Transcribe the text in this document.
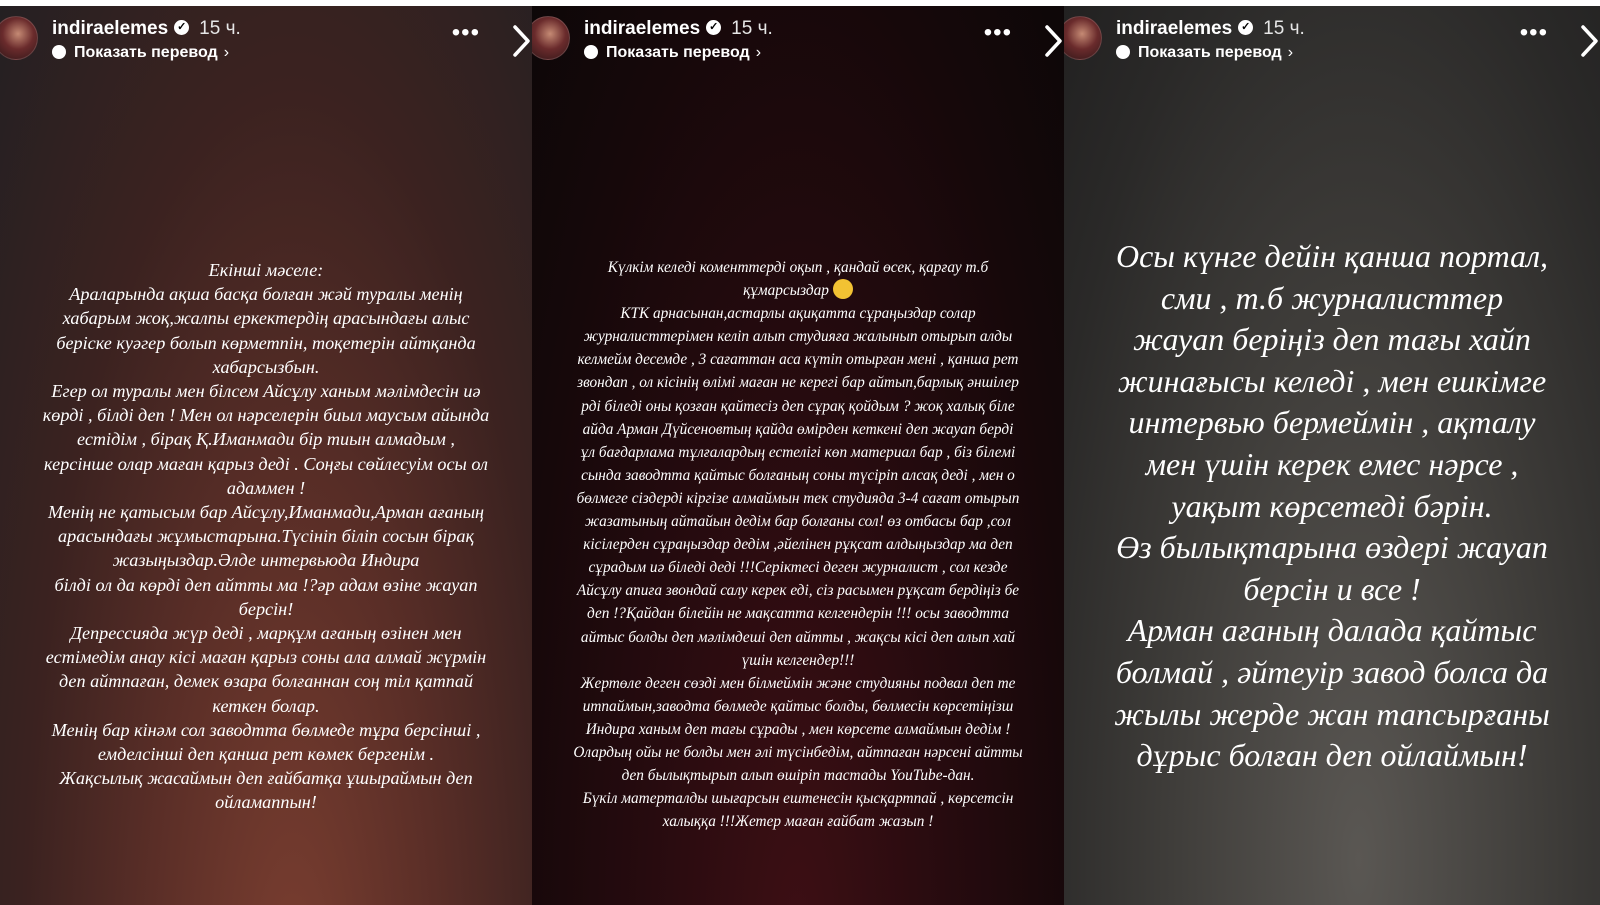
indiraelemes ✓ 15 ч.
Показать перевод ›
•••

Екінші мәселе:

Араларында ақша басқа болған жәй туралы менің

хабарым жоқ,жалпы еркектердің арасындағы алыс

беріске куәгер болып көрметпін, тоқетерін айтқанда

хабарсызбын.

Егер ол туралы мен білсем Айсұлу ханым мәлімдесін иә

көрді , білді деп ! Мен ол нәрселерін биыл маусым айында

естідім , бірақ Қ.Иманмади бір тиын алмадым ,

керсінше олар маған қарыз деді . Соңғы сөйлесуім осы ол

адаммен !

Менің не қатысым бар Айсұлу,Иманмади,Арман ағаның

арасындағы жұмыстарына.Түсініп біліп сосын бірақ

жазыңыздар.Әлде интервьюда Индира

білді ол да көрді деп айтты ма !?әр адам өзіне жауап

берсін!

Депрессияда жүр деді , марқұм ағаның өзінен мен

естімедім анау кісі маған қарыз соны ала алмай жүрмін

деп айтпаған, демек өзара болғаннан соң тіл қатпай

кеткен болар.

Менің бар кінәм сол заводтта бөлмеде тұра берсінші ,

емделсінші деп қанша рет көмек бергенім .

Жақсылық жасаймын деп ғайбатқа ұшыраймын деп

ойламаппын!

indiraelemes ✓ 15 ч.
Показать перевод ›
•••

Күлкім келеді коменттерді оқып , қандай өсек, қарғау т.б

құмарсыздар

КТК арнасынан,астарлы ақиқатта сұраңыздар солар

журналисттерімен келіп алып студияға жалынып отырып алды

келмейм десемде , 3 сағаттан аса күтіп отырған мені , қанша рет

звондап , ол кісінің өлімі маған не керегі бар айтып,барлық әншілер

рді біледі оны қозған қайтесіз деп сұрақ қойдым ? жоқ халық біле

айда Арман Дүйсеновтың қайда өмірден кеткені деп жауап берді

ұл бағдарлама тұлғалардың естелігі көп материал бар , біз білемі

сында заводтта қайтыс болғаның соны түсіріп алсақ деді , мен о

бөлмеге сіздерді кіргізе алмаймын тек студияда 3-4 сағат отырып

жазатының айтайын дедім бар болғаны сол! өз отбасы бар ,сол

кісілерден сұраңыздар дедім ,әйелінен рұқсат алдыңыздар ма деп

сұрадым иә біледі деді !!!Серіктесі деген журналист , сол кезде

Айсұлу апиға звондай салу керек еді, сіз расымен рұқсат бердіңіз бе

деп !?Қайдан білейін не мақсатта келгендерін !!! осы заводтта

айтыс болды деп мәлімдеші деп айтты , жақсы кісі деп алып хай

үшін келгендер!!!

Жертөле деген сөзді мен білмеймін және студияны подвал деп те

итпаймын,заводта бөлмеде қайтыс болды, бөлмесін көрсетіңізш

Индира ханым деп тағы сұрады , мен көрсете алмаймын дедім !

Олардың ойы не болды мен әлі түсінбедім, айтпаған нәрсені айтты

деп былықтырып алып өшіріп тастады YouTube-дан.

Бүкіл матерталды шығарсын ештенесін қысқартпай , көрсетсін

халыққа !!!Жетер маған ғайбат жазып !

indiraelemes ✓ 15 ч.
Показать перевод ›
•••

Осы күнге дейін қанша портал,

сми , т.б журналисттер

жауап беріңіз деп тағы хайп

жинағысы келеді , мен ешкімге

интервью бермеймін , ақталу

мен үшін керек емес нәрсе ,

уақыт көрсетеді бәрін.

Өз былықтарына өздері жауап

берсін и все !

Арман ағаның далада қайтыс

болмай , әйтеуір завод болса да

жылы жерде жан тапсырғаны

дұрыс болған деп ойлаймын!
